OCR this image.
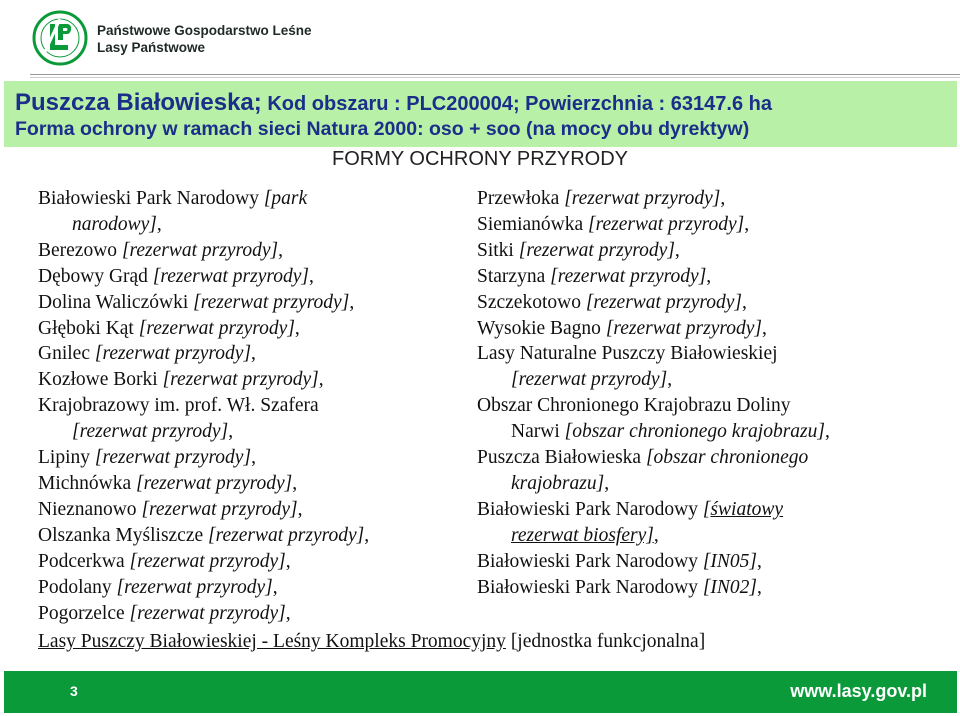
Państwowe Gospodarstwo Leśne
Lasy Państwowe
Puszcza Białowieska; Kod obszaru : PLC200004; Powierzchnia : 63147.6 ha
Forma ochrony w ramach sieci Natura 2000: oso + soo (na mocy obu dyrektyw)
FORMY OCHRONY PRZYRODY
Białowieski Park Narodowy [park
narodowy],
Berezowo [rezerwat przyrody],
Dębowy Grąd [rezerwat przyrody],
Dolina Waliczówki [rezerwat przyrody],
Głęboki Kąt [rezerwat przyrody],
Gnilec [rezerwat przyrody],
Kozłowe Borki [rezerwat przyrody],
Krajobrazowy im. prof. Wł. Szafera
[rezerwat przyrody],
Lipiny [rezerwat przyrody],
Michnówka [rezerwat przyrody],
Nieznanowo [rezerwat przyrody],
Olszanka Myśliszcze [rezerwat przyrody],
Podcerkwa [rezerwat przyrody],
Podolany [rezerwat przyrody],
Pogorzelce [rezerwat przyrody],
Przewłoka [rezerwat przyrody],
Siemianówka [rezerwat przyrody],
Sitki [rezerwat przyrody],
Starzyna [rezerwat przyrody],
Szczekotowo [rezerwat przyrody],
Wysokie Bagno [rezerwat przyrody],
Lasy Naturalne Puszczy Białowieskiej
[rezerwat przyrody],
Obszar Chronionego Krajobrazu Doliny
Narwi [obszar chronionego krajobrazu],
Puszcza Białowieska [obszar chronionego
krajobrazu],
Białowieski Park Narodowy [światowy
rezerwat biosfery],
Białowieski Park Narodowy [IN05],
Białowieski Park Narodowy [IN02],
Lasy Puszczy Białowieskiej - Leśny Kompleks Promocyjny [jednostka funkcjonalna]
3	www.lasy.gov.pl
